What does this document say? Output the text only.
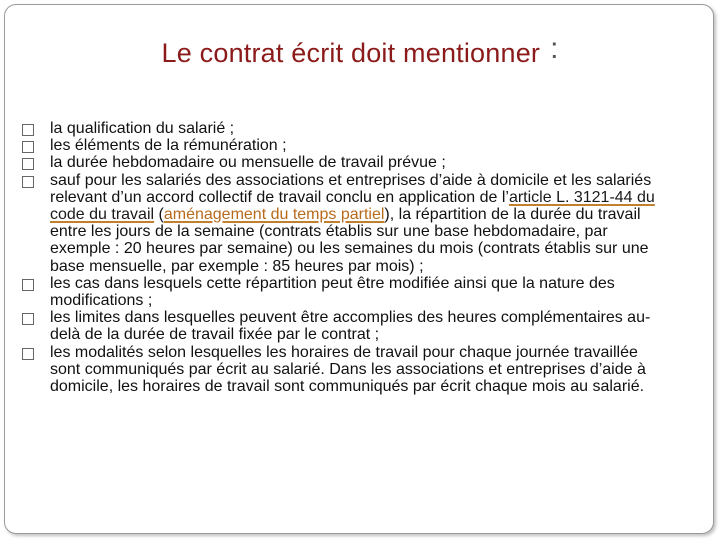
Le contrat écrit doit mentionner :
la qualification du salarié ;
les éléments de la rémunération ;
la durée hebdomadaire ou mensuelle de travail prévue ;
sauf pour les salariés des associations et entreprises d’aide à domicile et les salariés relevant d’un accord collectif de travail conclu en application de l’article L. 3121-44 du code du travail (aménagement du temps partiel), la répartition de la durée du travail entre les jours de la semaine (contrats établis sur une base hebdomadaire, par exemple : 20 heures par semaine) ou les semaines du mois (contrats établis sur une base mensuelle, par exemple : 85 heures par mois) ;
les cas dans lesquels cette répartition peut être modifiée ainsi que la nature des modifications ;
les limites dans lesquelles peuvent être accomplies des heures complémentaires au-delà de la durée de travail fixée par le contrat ;
les modalités selon lesquelles les horaires de travail pour chaque journée travaillée sont communiqués par écrit au salarié. Dans les associations et entreprises d’aide à domicile, les horaires de travail sont communiqués par écrit chaque mois au salarié.
